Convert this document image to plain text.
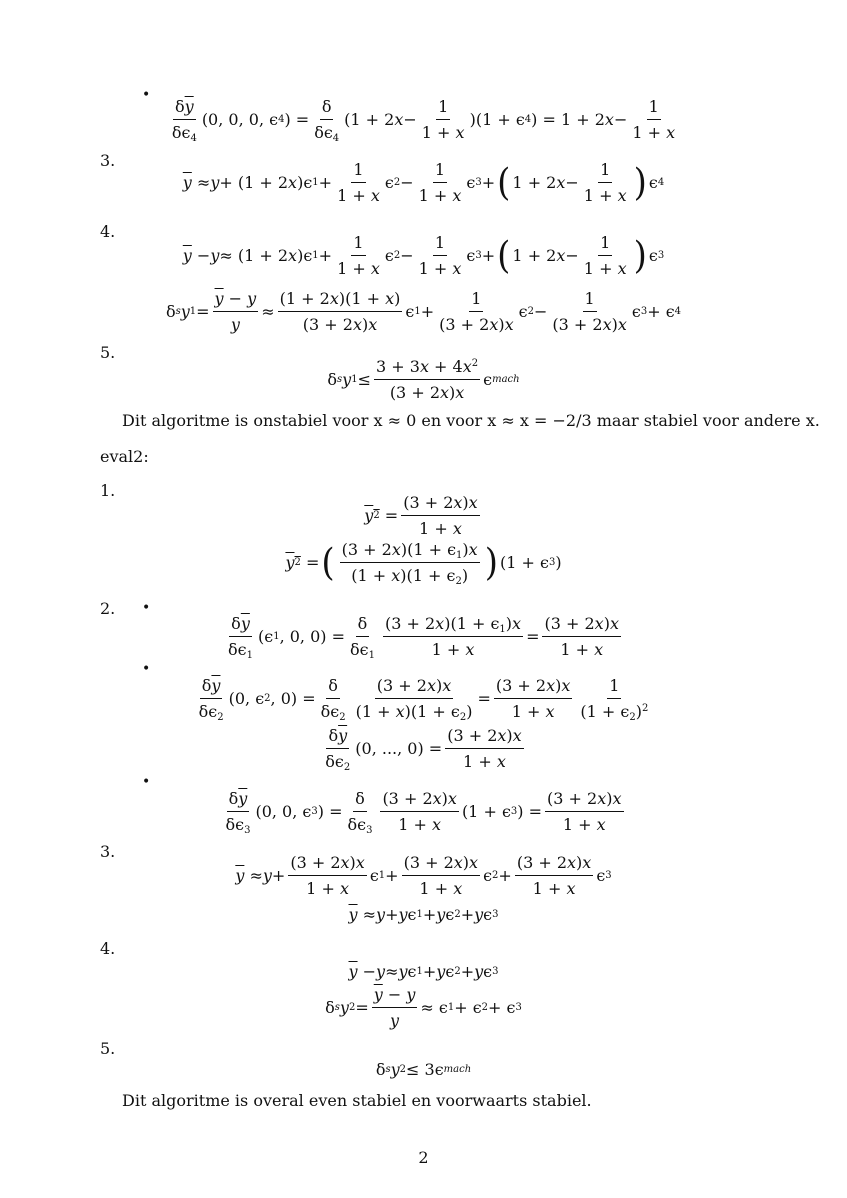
•
$\frac{\delta\overline{y}}{\delta\epsilon_4} (0$, 0, 0, ϵ 4 ) = $\frac{\delta}{\delta\epsilon_4} (1 + 2$ $x - \frac{1}{1 + x} )(1 + \epsilon$ 4 ) = 1 + 2 $x - \frac{1}{1 + x}$
3.
$\overline{y} \approx y + (1 + 2$ x )ϵ $1 + \frac{1}{1 + x}$ ϵ $2 - \frac{1}{1 + x}$ ϵ 3 + ( 1 + 2 $x - \frac{1}{1 + x}$ ) ϵ 4
4.
$\overline{y} - y \approx (1 + 2$ x )ϵ $1 + \frac{1}{1 + x}$ ϵ $2 - \frac{1}{1 + x}$ ϵ 3 + ( 1 + 2 $x - \frac{1}{1 + x}$ ) ϵ 3
δ s y $1 = \frac{\overline{y} - y}{y} \approx \frac{(1 + 2x)(1 + x)}{(3 + 2x)x}$ ϵ $1 + \frac{1}{(3 + 2x)x}$ ϵ $2 - \frac{1}{(3 + 2x)x}$ ϵ 3 + ϵ 4
5.
δ s y $1 \le \frac{3 + 3x + 4x^2}{(3 + 2x)x}$ ϵ mach
Dit algoritme is onstabiel voor x ≈ 0 en voor x ≈ x = −2/3 maar stabiel voor andere x.
eval2:
1.
$\overline{y}$ $2 = \frac{(3 + 2x)x}{1 + x}$
$\overline{y}$ 2 = ( $\frac{(3 + 2x)(1 + \epsilon_1)x}{(1 + x)(1 + \epsilon_2)}$ ) (1 + ϵ 3 )
2. •
$\frac{\delta\overline{y}}{\delta\epsilon_1} (\epsilon$ 1 , 0, $0) = \frac{\delta}{\delta\epsilon_1} \frac{(3 + 2x)(1 + \epsilon_1)x}{1 + x} = \frac{(3 + 2x)x}{1 + x}$
•
$\frac{\delta\overline{y}}{\delta\epsilon_2} (0$, ϵ 2 , $0) = \frac{\delta}{\delta\epsilon_2} \frac{(3 + 2x)x}{(1 + x)(1 + \epsilon_2)} = \frac{(3 + 2x)x}{1 + x} \frac{1}{(1 + \epsilon_2)^2}$
$\frac{\delta\overline{y}}{\delta\epsilon_2} (0$, ..., $0) = \frac{(3 + 2x)x}{1 + x}$
•
$\frac{\delta\overline{y}}{\delta\epsilon_3} (0$, 0, ϵ 3 ) = $\frac{\delta}{\delta\epsilon_3} \frac{(3 + 2x)x}{1 + x} (1 + \epsilon$ 3 ) = $\frac{(3 + 2x)x}{1 + x}$
3.
$\overline{y} \approx y + \frac{(3 + 2x)x}{1 + x}$ ϵ $1 + \frac{(3 + 2x)x}{1 + x}$ ϵ $2 + \frac{(3 + 2x)x}{1 + x}$ ϵ 3
$\overline{y} \approx y + y$ ϵ 1 + y ϵ 2 + y ϵ 3
4.
$\overline{y} - y \approx y$ ϵ 1 + y ϵ 2 + y ϵ 3
δ s y $2 = \frac{\overline{y} - y}{y} \approx \epsilon$ 1 + ϵ 2 + ϵ 3
5.
δ s y 2 ≤ 3ϵ mach
Dit algoritme is overal even stabiel en voorwaarts stabiel.
2
